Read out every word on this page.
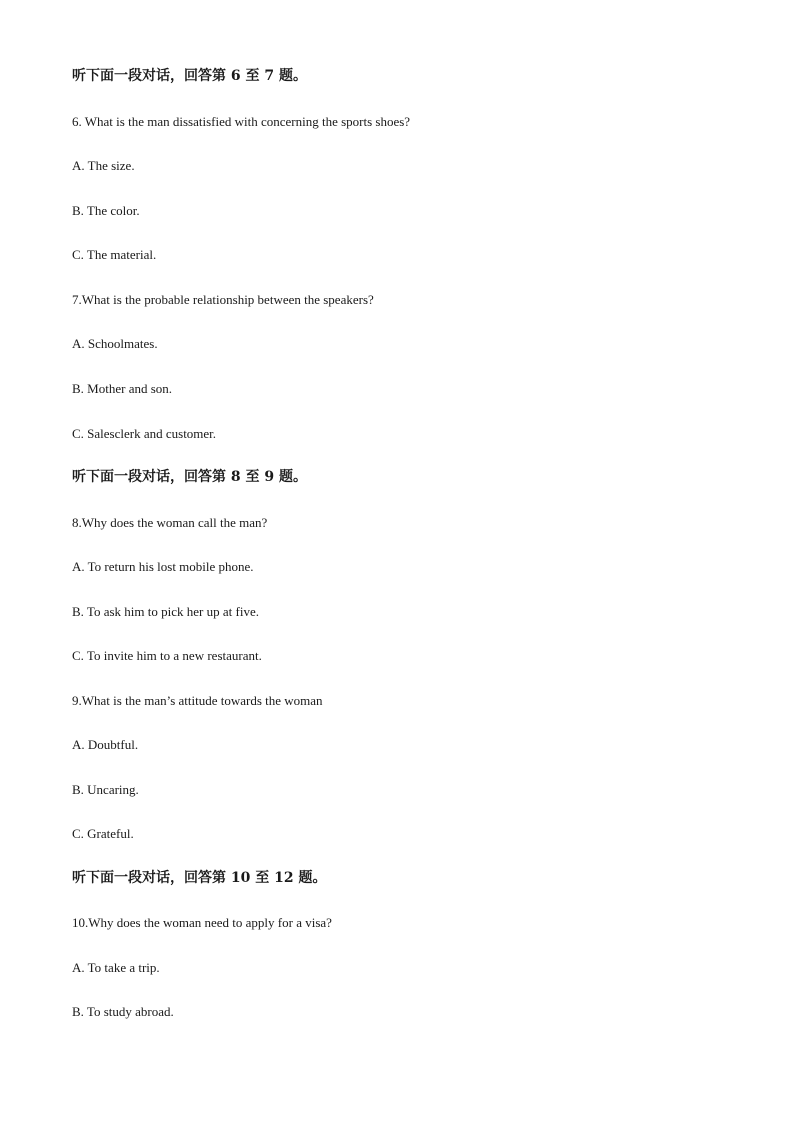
听下面一段对话，回答第 6 至 7 题。
6. What is the man dissatisfied with concerning the sports shoes?
A. The size.
B. The color.
C. The material.
7.What is the probable relationship between the speakers?
A. Schoolmates.
B. Mother and son.
C. Salesclerk and customer.
听下面一段对话，回答第 8 至 9 题。
8.Why does the woman call the man?
A. To return his lost mobile phone.
B. To ask him to pick her up at five.
C. To invite him to a new restaurant.
9.What is the man’s attitude towards the woman
A. Doubtful.
B. Uncaring.
C. Grateful.
听下面一段对话，回答第 10 至 12 题。
10.Why does the woman need to apply for a visa?
A. To take a trip.
B. To study abroad.
